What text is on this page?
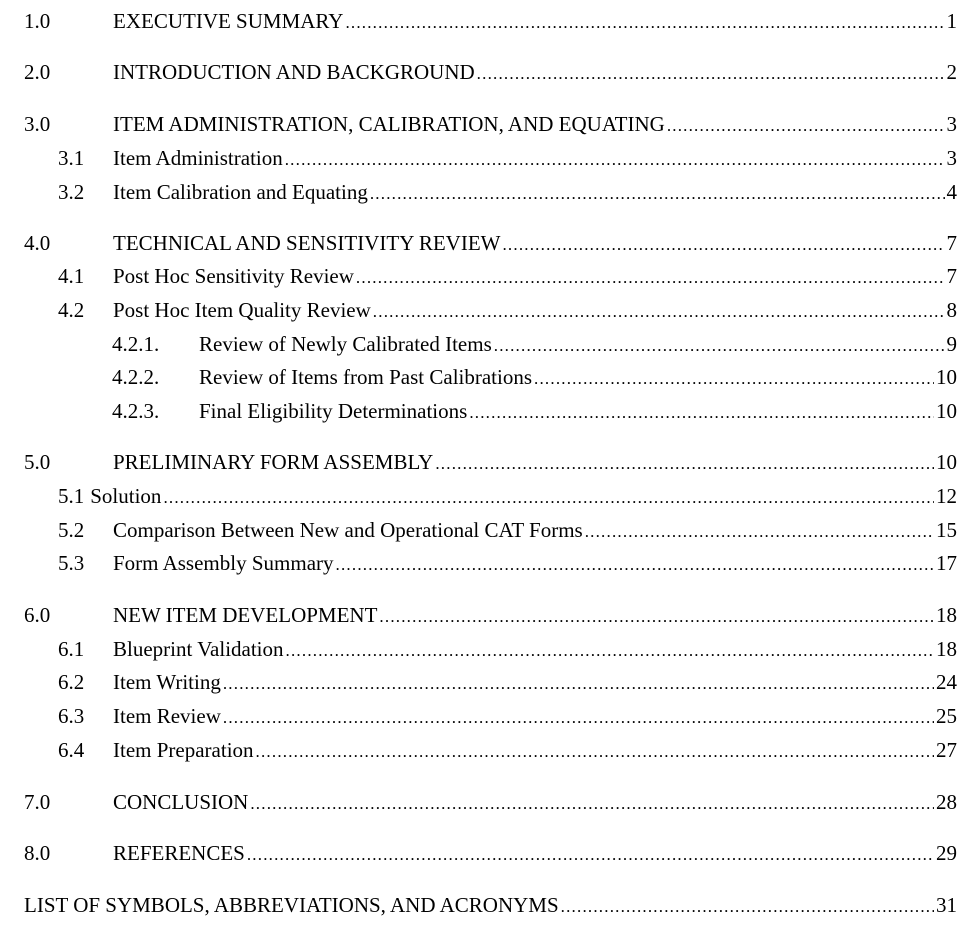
1.0	EXECUTIVE SUMMARY .....	1
2.0	INTRODUCTION AND BACKGROUND .....	2
3.0	ITEM ADMINISTRATION, CALIBRATION, AND EQUATING .....	3
3.1	Item Administration .....	3
3.2	Item Calibration and Equating .....	4
4.0	TECHNICAL AND SENSITIVITY REVIEW .....	7
4.1	Post Hoc Sensitivity Review .....	7
4.2	Post Hoc Item Quality Review .....	8
4.2.1.	Review of Newly Calibrated Items .....	9
4.2.2.	Review of Items from Past Calibrations .....	10
4.2.3.	Final Eligibility Determinations .....	10
5.0	PRELIMINARY FORM ASSEMBLY .....	10
5.1 Solution .....	12
5.2	Comparison Between New and Operational CAT Forms .....	15
5.3	Form Assembly Summary .....	17
6.0	NEW ITEM DEVELOPMENT .....	18
6.1	Blueprint Validation .....	18
6.2	Item Writing .....	24
6.3	Item Review .....	25
6.4	Item Preparation .....	27
7.0	CONCLUSION .....	28
8.0	REFERENCES .....	29
LIST OF SYMBOLS, ABBREVIATIONS, AND ACRONYMS .....	31
